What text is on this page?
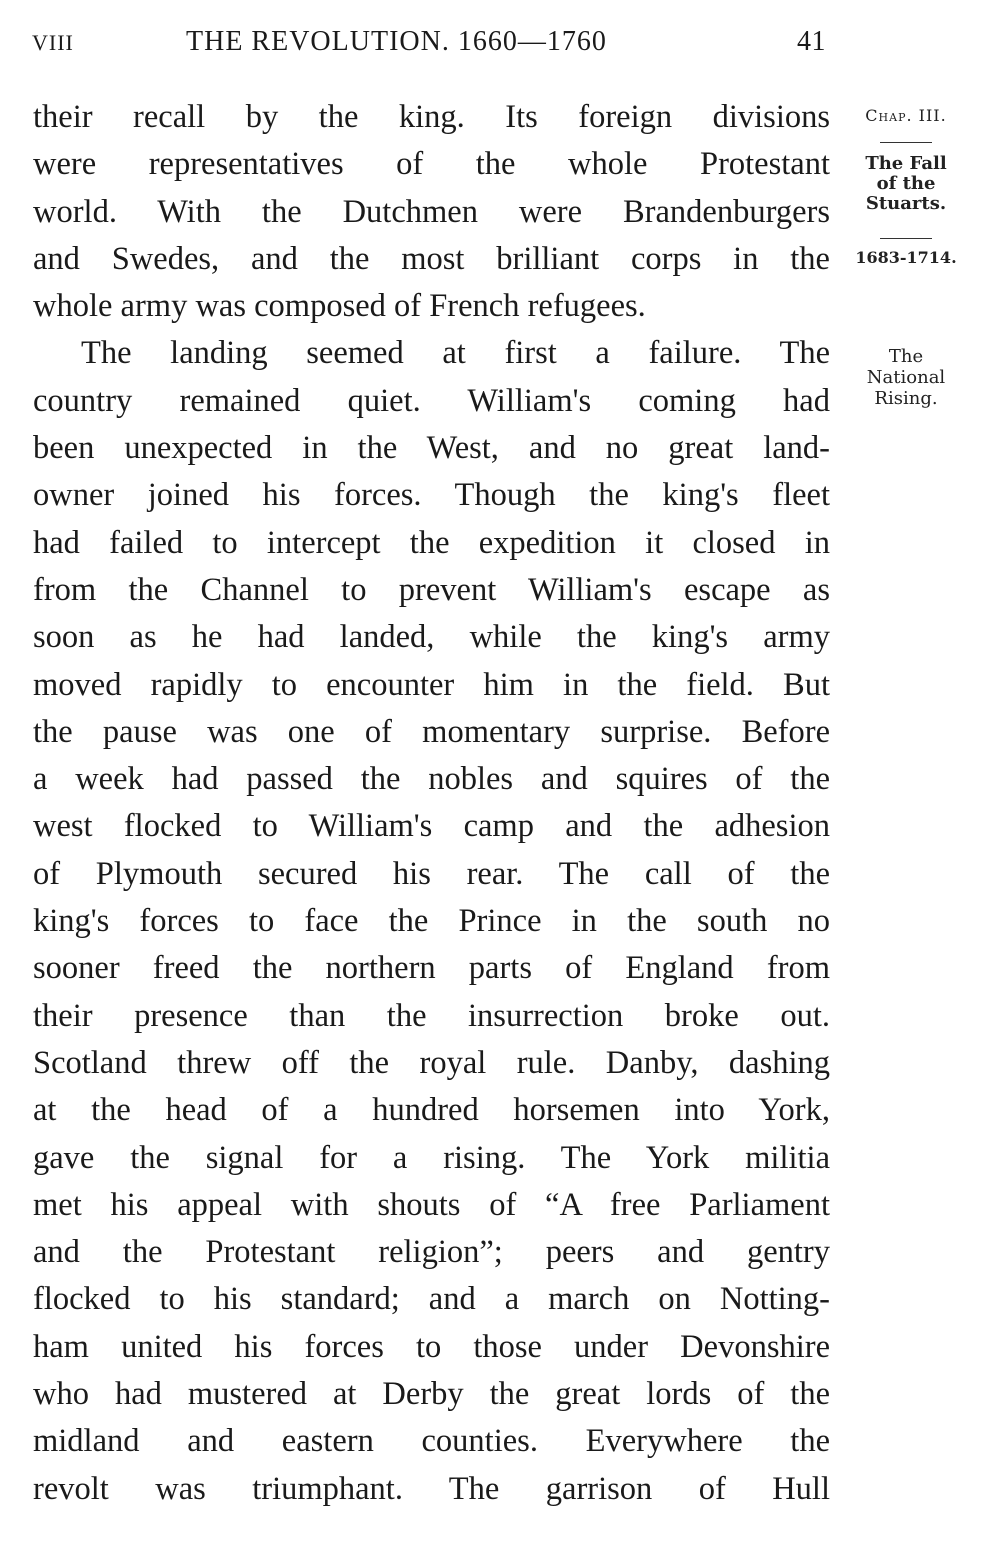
VIII	THE REVOLUTION. 1660—1760	41
their recall by the king. Its foreign divisions
were representatives of the whole Protestant
world. With the Dutchmen were Brandenburgers
and Swedes, and the most brilliant corps in the
whole army was composed of French refugees.
The landing seemed at first a failure. The
country remained quiet. William's coming had
been unexpected in the West, and no great land-
owner joined his forces. Though the king's fleet
had failed to intercept the expedition it closed in
from the Channel to prevent William's escape as
soon as he had landed, while the king's army
moved rapidly to encounter him in the field. But
the pause was one of momentary surprise. Before
a week had passed the nobles and squires of the
west flocked to William's camp and the adhesion
of Plymouth secured his rear. The call of the
king's forces to face the Prince in the south no
sooner freed the northern parts of England from
their presence than the insurrection broke out.
Scotland threw off the royal rule. Danby, dashing
at the head of a hundred horsemen into York,
gave the signal for a rising. The York militia
met his appeal with shouts of “A free Parliament
and the Protestant religion”; peers and gentry
flocked to his standard; and a march on Notting-
ham united his forces to those under Devonshire
who had mustered at Derby the great lords of the
midland and eastern counties. Everywhere the
revolt was triumphant. The garrison of Hull
Chap. III.
The Fall
of the
Stuarts.
1683-1714.
The
National
Rising.
